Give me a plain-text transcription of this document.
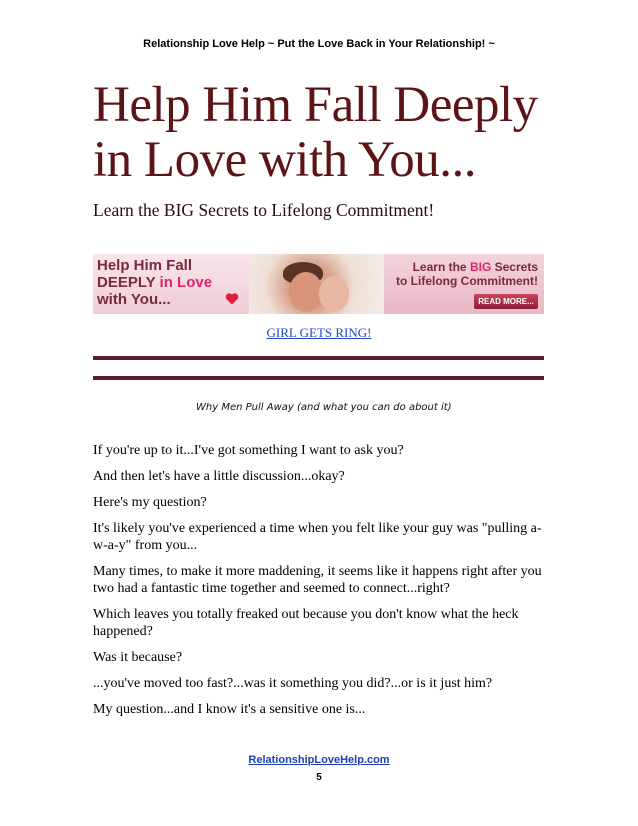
Relationship Love Help ~ Put the Love Back in Your Relationship! ~
Help Him Fall Deeply
in Love with You...
Learn the BIG Secrets to Lifelong Commitment!
Help Him Fall
DEEPLY in Love
with You...
Learn the BIG Secrets
to Lifelong Commitment!
READ MORE...
GIRL GETS RING!
Why Men Pull Away (and what you can do about it)

If you're up to it...I've got something I want to ask you?

And then let's have a little discussion...okay?

Here's my question?

It's likely you've experienced a time when you felt like your guy was "pulling a-w-a-y" from you...

Many times, to make it more maddening, it seems like it happens right after you two had a fantastic time together and seemed to connect...right?

Which leaves you totally freaked out because you don't know what the heck happened?

Was it because?

...you've moved too fast?...was it something you did?...or is it just him?

My question...and I know it's a sensitive one is...

RelationshipLoveHelp.com
5
